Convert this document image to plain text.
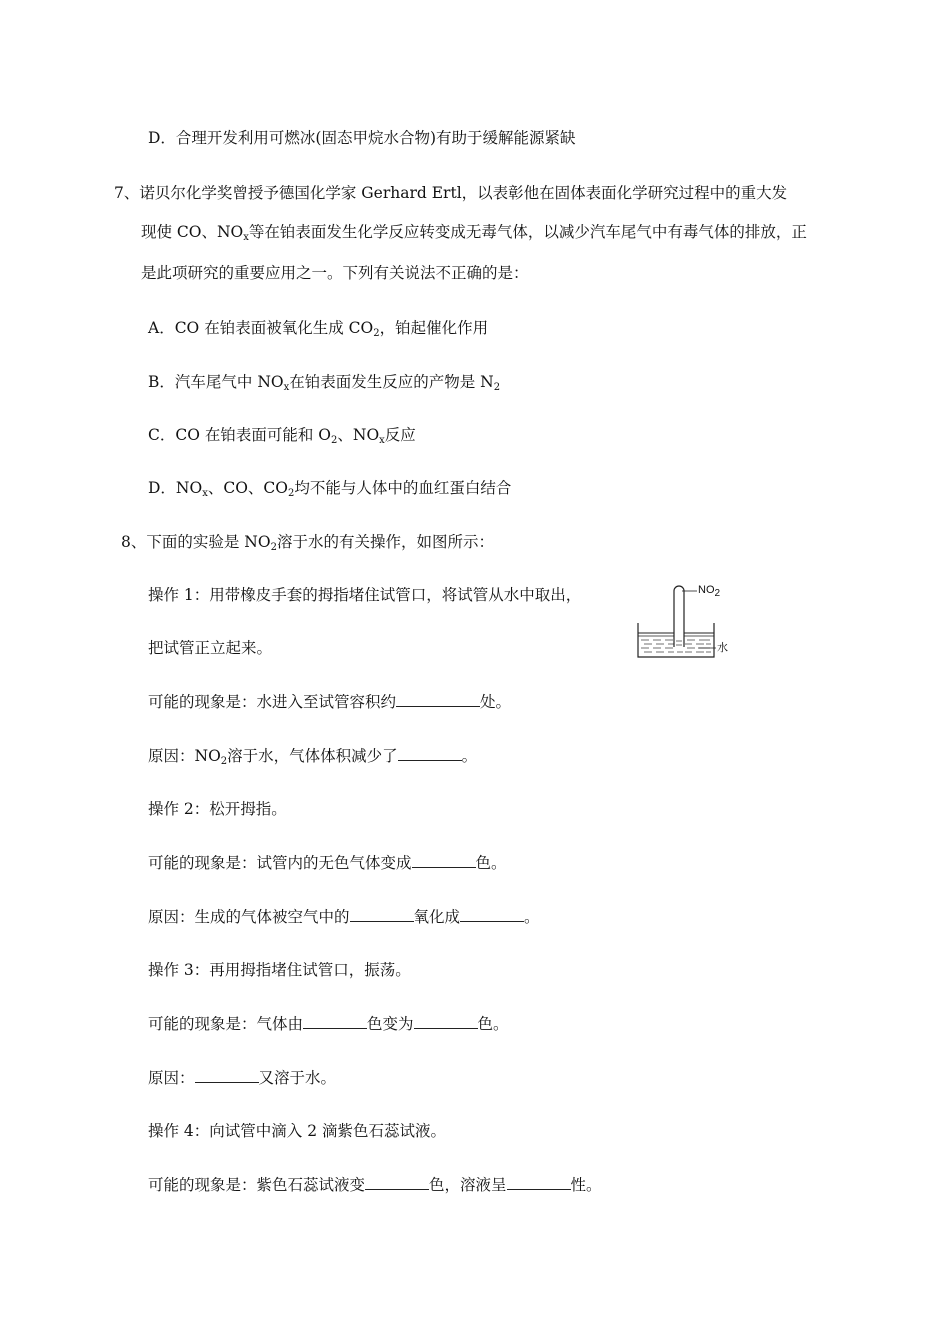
D．合理开发利用可燃冰(固态甲烷水合物)有助于缓解能源紧缺
7、诺贝尔化学奖曾授予德国化学家 Gerhard Ertl，以表彰他在固体表面化学研究过程中的重大发
现使 CO、$NO_x$等在铂表面发生化学反应转变成无毒气体，以减少汽车尾气中有毒气体的排放，正
是此项研究的重要应用之一。下列有关说法不正确的是：
A．CO 在铂表面被氧化生成 $CO_2$，铂起催化作用
B．汽车尾气中 $NO_x$在铂表面发生反应的产物是 $N_2$
C．CO 在铂表面可能和 $O_2$、$NO_x$反应
D．$NO_x$、CO、$CO_2$均不能与人体中的血红蛋白结合
8、下面的实验是 $NO_2$溶于水的有关操作，如图所示：
操作 1：用带橡皮手套的拇指堵住试管口，将试管从水中取出，
把试管正立起来。
可能的现象是：水进入至试管容积约	处。
原因：$NO_2$溶于水，气体体积减少了	。
操作 2：松开拇指。
可能的现象是：试管内的无色气体变成	色。
原因：生成的气体被空气中的	氧化成	。
操作 3：再用拇指堵住试管口，振荡。
可能的现象是：气体由	色变为	色。
原因：	又溶于水。
操作 4：向试管中滴入 2 滴紫色石蕊试液。
可能的现象是：紫色石蕊试液变	色，溶液呈	性。
$NO_2$
水
